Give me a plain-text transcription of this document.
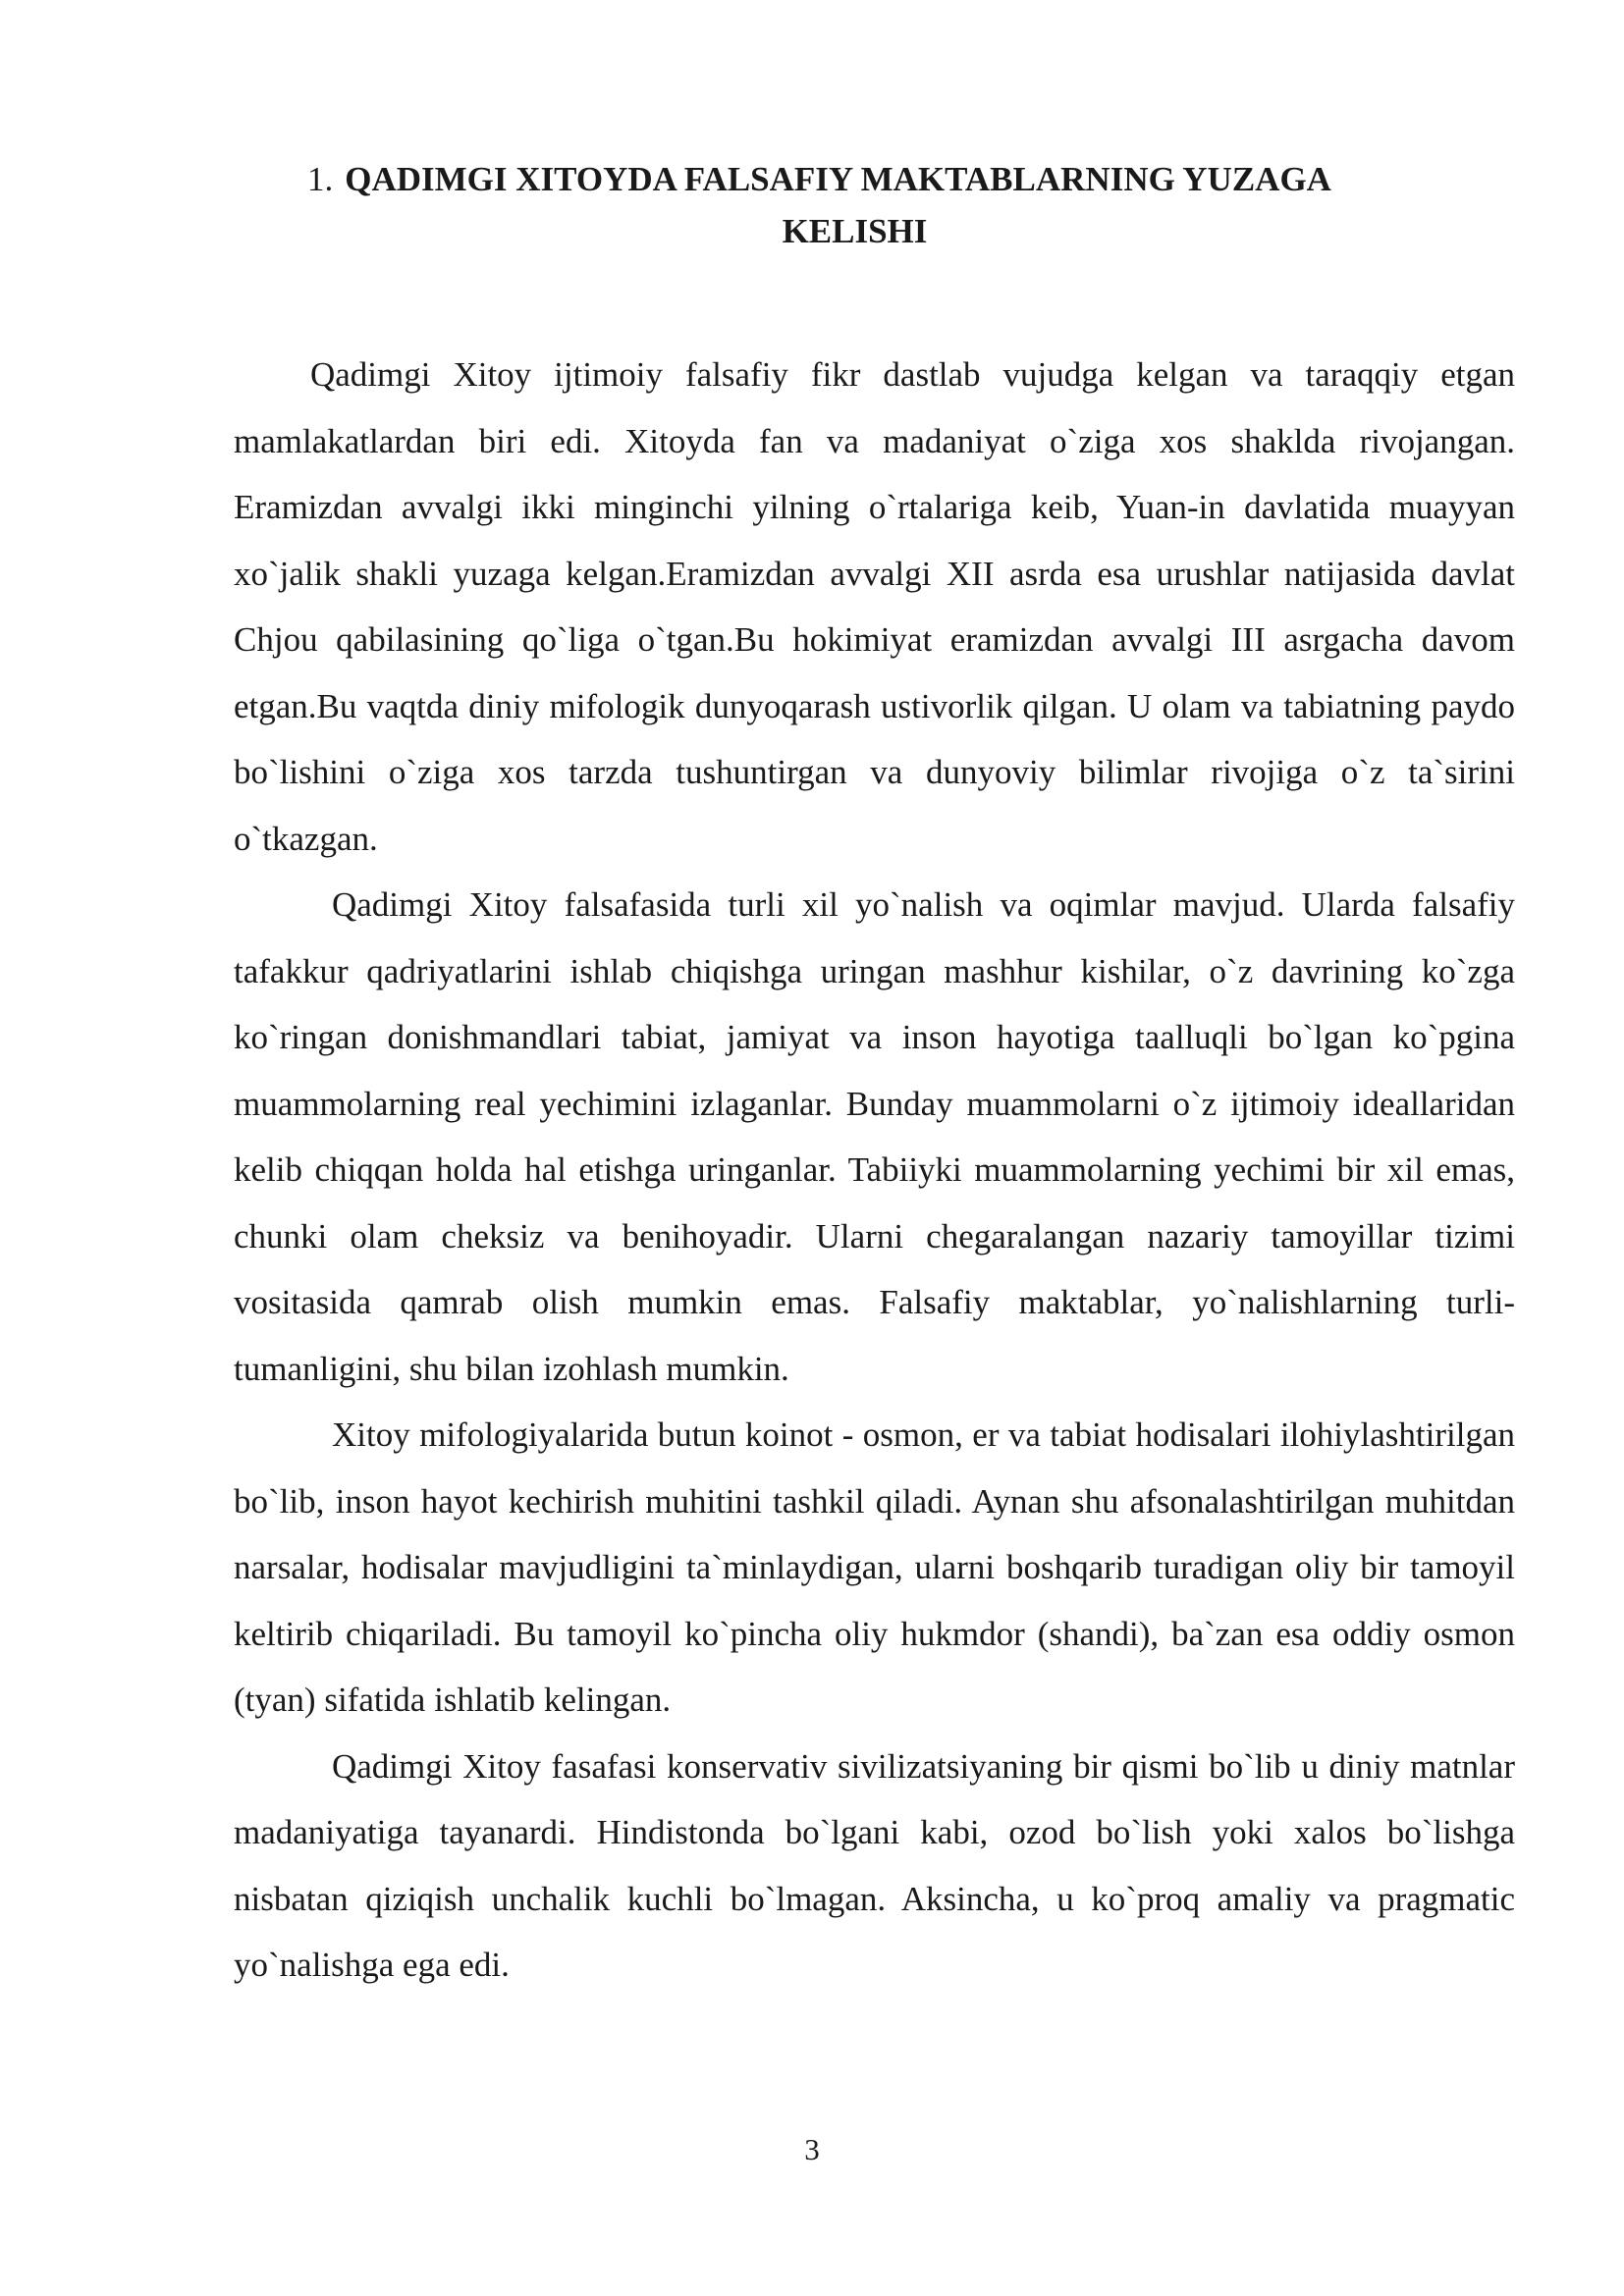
1. QADIMGI XITOYDA FALSAFIY MAKTABLARNING YUZAGA
KELISHI

Qadimgi Xitoy ijtimoiy falsafiy fikr dastlab vujudga kelgan va taraqqiy etgan mamlakatlardan biri edi. Xitoyda fan va madaniyat o`ziga xos shaklda rivojangan. Eramizdan avvalgi ikki minginchi yilning o`rtalariga keib, Yuan-in davlatida muayyan xo`jalik shakli yuzaga kelgan.Eramizdan avvalgi XII asrda esa urushlar natijasida davlat Chjou qabilasining qo`liga o`tgan.Bu hokimiyat eramizdan avvalgi III asrgacha davom etgan.Bu vaqtda diniy mifologik dunyoqarash ustivorlik qilgan. U olam va tabiatning paydo bo`lishini o`ziga xos tarzda tushuntirgan va dunyoviy bilimlar rivojiga o`z ta`sirini o`tkazgan.

Qadimgi Xitoy falsafasida turli xil yo`nalish va oqimlar mavjud. Ularda falsafiy tafakkur qadriyatlarini ishlab chiqishga uringan mashhur kishilar, o`z davrining ko`zga ko`ringan donishmandlari tabiat, jamiyat va inson hayotiga taalluqli bo`lgan ko`pgina muammolarning real yechimini izlaganlar. Bunday muammolarni o`z ijtimoiy ideallaridan kelib chiqqan holda hal etishga uringanlar. Tabiiyki muammolarning yechimi bir xil emas, chunki olam cheksiz va benihoyadir. Ularni chegaralangan nazariy tamoyillar tizimi vositasida qamrab olish mumkin emas. Falsafiy maktablar, yo`nalishlarning turli-tumanligini, shu bilan izohlash mumkin.

Xitoy mifologiyalarida butun koinot - osmon, er va tabiat hodisalari ilohiylashtirilgan bo`lib, inson hayot kechirish muhitini tashkil qiladi. Aynan shu afsonalashtirilgan muhitdan narsalar, hodisalar mavjudligini ta`minlaydigan, ularni boshqarib turadigan oliy bir tamoyil keltirib chiqariladi. Bu tamoyil ko`pincha oliy hukmdor (shandi), ba`zan esa oddiy osmon (tyan) sifatida ishlatib kelingan.

Qadimgi Xitoy fasafasi konservativ sivilizatsiyaning bir qismi bo`lib u diniy matnlar madaniyatiga tayanardi. Hindistonda bo`lgani kabi, ozod bo`lish yoki xalos bo`lishga nisbatan qiziqish unchalik kuchli bo`lmagan. Aksincha, u ko`proq amaliy va pragmatic yo`nalishga ega edi.

3
